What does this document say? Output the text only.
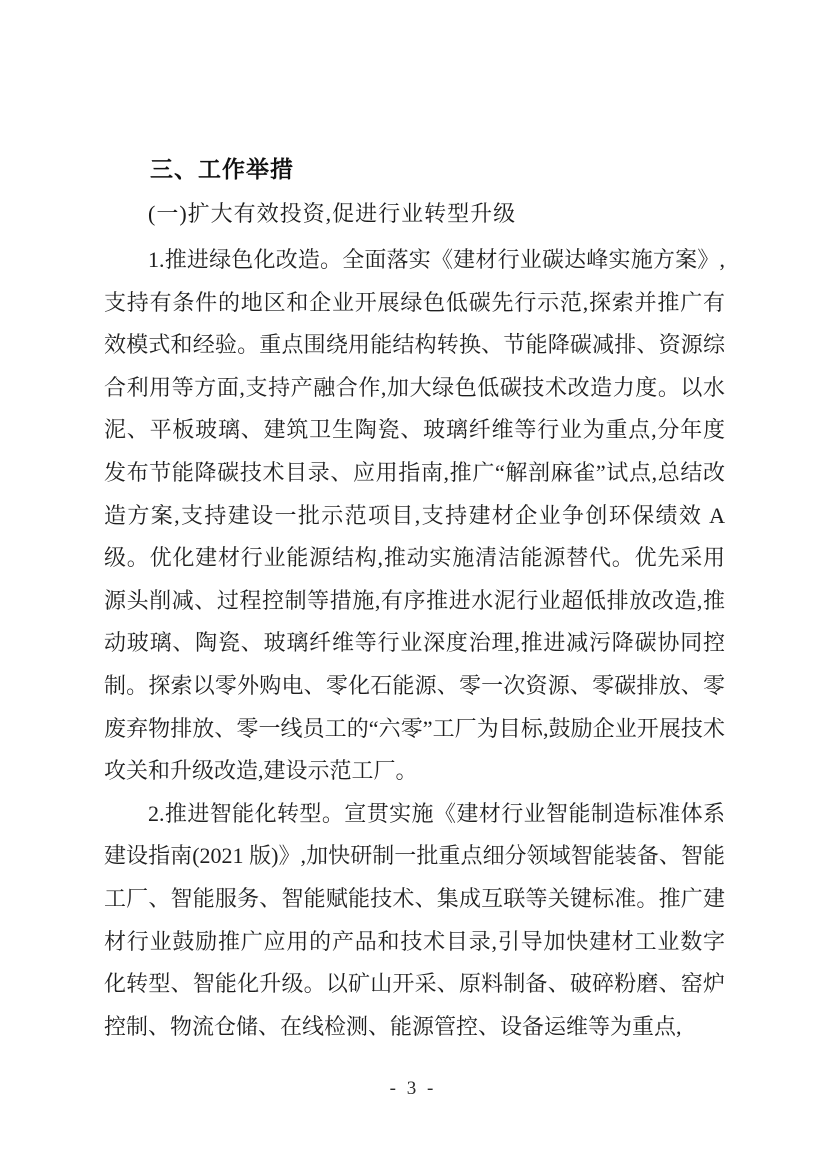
三、工作举措
(一)扩大有效投资,促进行业转型升级

1.推进绿色化改造。全面落实《建材行业碳达峰实施方案》,支持有条件的地区和企业开展绿色低碳先行示范,探索并推广有效模式和经验。重点围绕用能结构转换、节能降碳减排、资源综合利用等方面,支持产融合作,加大绿色低碳技术改造力度。以水泥、平板玻璃、建筑卫生陶瓷、玻璃纤维等行业为重点,分年度发布节能降碳技术目录、应用指南,推广“解剖麻雀”试点,总结改造方案,支持建设一批示范项目,支持建材企业争创环保绩效 A 级。优化建材行业能源结构,推动实施清洁能源替代。优先采用源头削减、过程控制等措施,有序推进水泥行业超低排放改造,推动玻璃、陶瓷、玻璃纤维等行业深度治理,推进减污降碳协同控制。探索以零外购电、零化石能源、零一次资源、零碳排放、零废弃物排放、零一线员工的“六零”工厂为目标,鼓励企业开展技术攻关和升级改造,建设示范工厂。

2.推进智能化转型。宣贯实施《建材行业智能制造标准体系建设指南(2021 版)》,加快研制一批重点细分领域智能装备、智能工厂、智能服务、智能赋能技术、集成互联等关键标准。推广建材行业鼓励推广应用的产品和技术目录,引导加快建材工业数字化转型、智能化升级。以矿山开采、原料制备、破碎粉磨、窑炉控制、物流仓储、在线检测、能源管控、设备运维等为重点,

- 3 -
